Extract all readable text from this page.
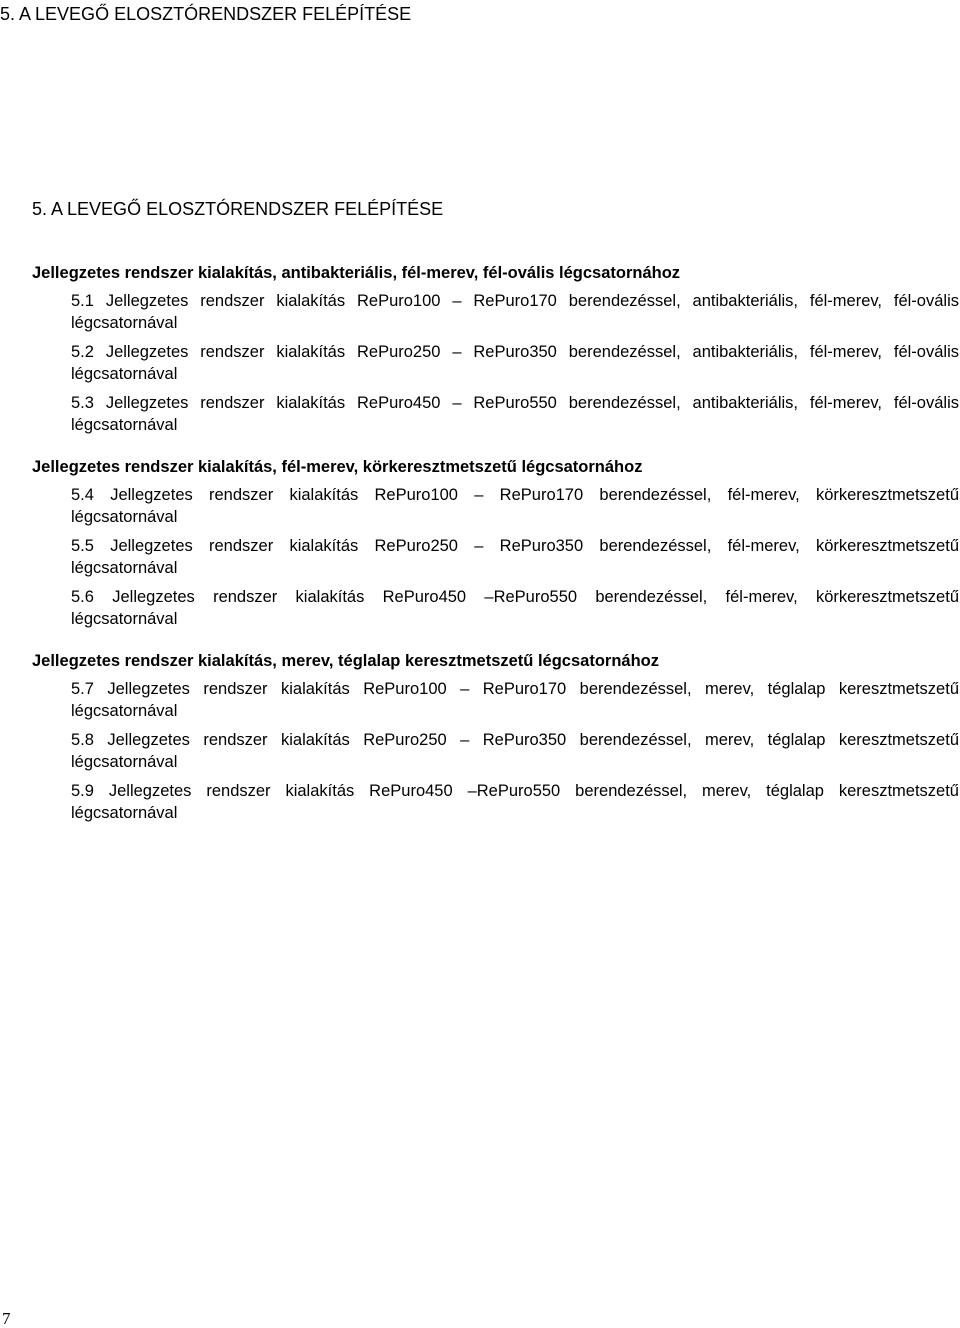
5. A LEVEGŐ ELOSZTÓRENDSZER FELÉPÍTÉSE
5. A LEVEGŐ ELOSZTÓRENDSZER FELÉPÍTÉSE
Jellegzetes rendszer kialakítás, antibakteriális, fél-merev, fél-ovális légcsatornához
5.1 Jellegzetes rendszer kialakítás RePuro100 – RePuro170 berendezéssel, antibakteriális, fél-merev, fél-ovális légcsatornával
5.2 Jellegzetes rendszer kialakítás RePuro250 – RePuro350 berendezéssel, antibakteriális, fél-merev, fél-ovális légcsatornával
5.3 Jellegzetes rendszer kialakítás RePuro450 – RePuro550 berendezéssel, antibakteriális, fél-merev, fél-ovális légcsatornával
Jellegzetes rendszer kialakítás, fél-merev, körkeresztmetszetű légcsatornához
5.4 Jellegzetes rendszer kialakítás RePuro100 – RePuro170 berendezéssel, fél-merev, körkeresztmetszetű légcsatornával
5.5 Jellegzetes rendszer kialakítás RePuro250 – RePuro350 berendezéssel, fél-merev, körkeresztmetszetű légcsatornával
5.6 Jellegzetes rendszer kialakítás RePuro450 –RePuro550 berendezéssel, fél-merev, körkeresztmetszetű légcsatornával
Jellegzetes rendszer kialakítás, merev, téglalap keresztmetszetű légcsatornához
5.7 Jellegzetes rendszer kialakítás RePuro100 – RePuro170 berendezéssel, merev, téglalap keresztmetszetű légcsatornával
5.8 Jellegzetes rendszer kialakítás RePuro250 – RePuro350 berendezéssel, merev, téglalap keresztmetszetű légcsatornával
5.9 Jellegzetes rendszer kialakítás RePuro450 –RePuro550 berendezéssel, merev, téglalap keresztmetszetű légcsatornával
7
